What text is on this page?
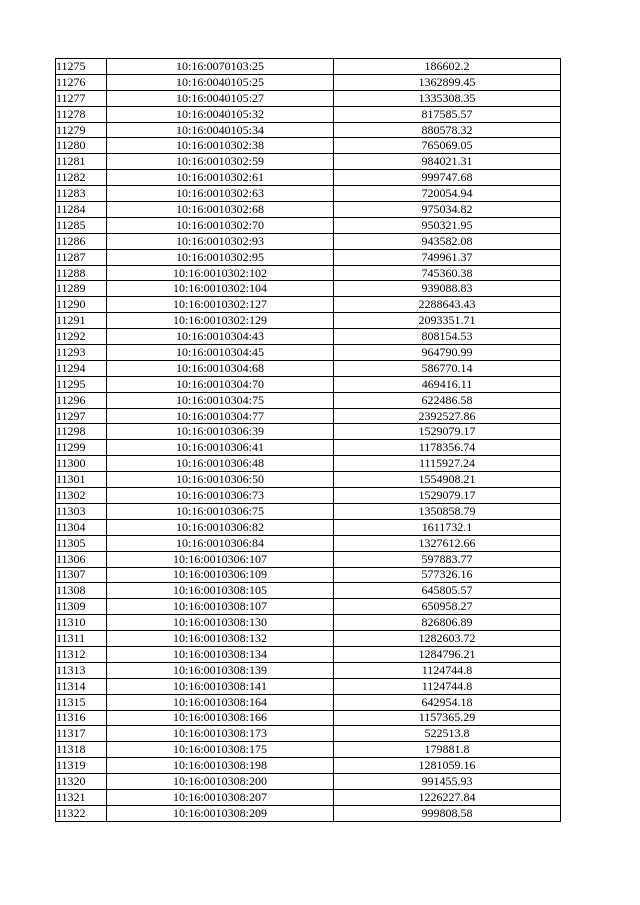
11275	10:16:0070103:25	186602.2
11276	10:16:0040105:25	1362899.45
11277	10:16:0040105:27	1335308.35
11278	10:16:0040105:32	817585.57
11279	10:16:0040105:34	880578.32
11280	10:16:0010302:38	765069.05
11281	10:16:0010302:59	984021.31
11282	10:16:0010302:61	999747.68
11283	10:16:0010302:63	720054.94
11284	10:16:0010302:68	975034.82
11285	10:16:0010302:70	950321.95
11286	10:16:0010302:93	943582.08
11287	10:16:0010302:95	749961.37
11288	10:16:0010302:102	745360.38
11289	10:16:0010302:104	939088.83
11290	10:16:0010302:127	2288643.43
11291	10:16:0010302:129	2093351.71
11292	10:16:0010304:43	808154.53
11293	10:16:0010304:45	964790.99
11294	10:16:0010304:68	586770.14
11295	10:16:0010304:70	469416.11
11296	10:16:0010304:75	622486.58
11297	10:16:0010304:77	2392527.86
11298	10:16:0010306:39	1529079.17
11299	10:16:0010306:41	1178356.74
11300	10:16:0010306:48	1115927.24
11301	10:16:0010306:50	1554908.21
11302	10:16:0010306:73	1529079.17
11303	10:16:0010306:75	1350858.79
11304	10:16:0010306:82	1611732.1
11305	10:16:0010306:84	1327612.66
11306	10:16:0010306:107	597883.77
11307	10:16:0010306:109	577326.16
11308	10:16:0010308:105	645805.57
11309	10:16:0010308:107	650958.27
11310	10:16:0010308:130	826806.89
11311	10:16:0010308:132	1282603.72
11312	10:16:0010308:134	1284796.21
11313	10:16:0010308:139	1124744.8
11314	10:16:0010308:141	1124744.8
11315	10:16:0010308:164	642954.18
11316	10:16:0010308:166	1157365.29
11317	10:16:0010308:173	522513.8
11318	10:16:0010308:175	179881.8
11319	10:16:0010308:198	1281059.16
11320	10:16:0010308:200	991455.93
11321	10:16:0010308:207	1226227.84
11322	10:16:0010308:209	999808.58
